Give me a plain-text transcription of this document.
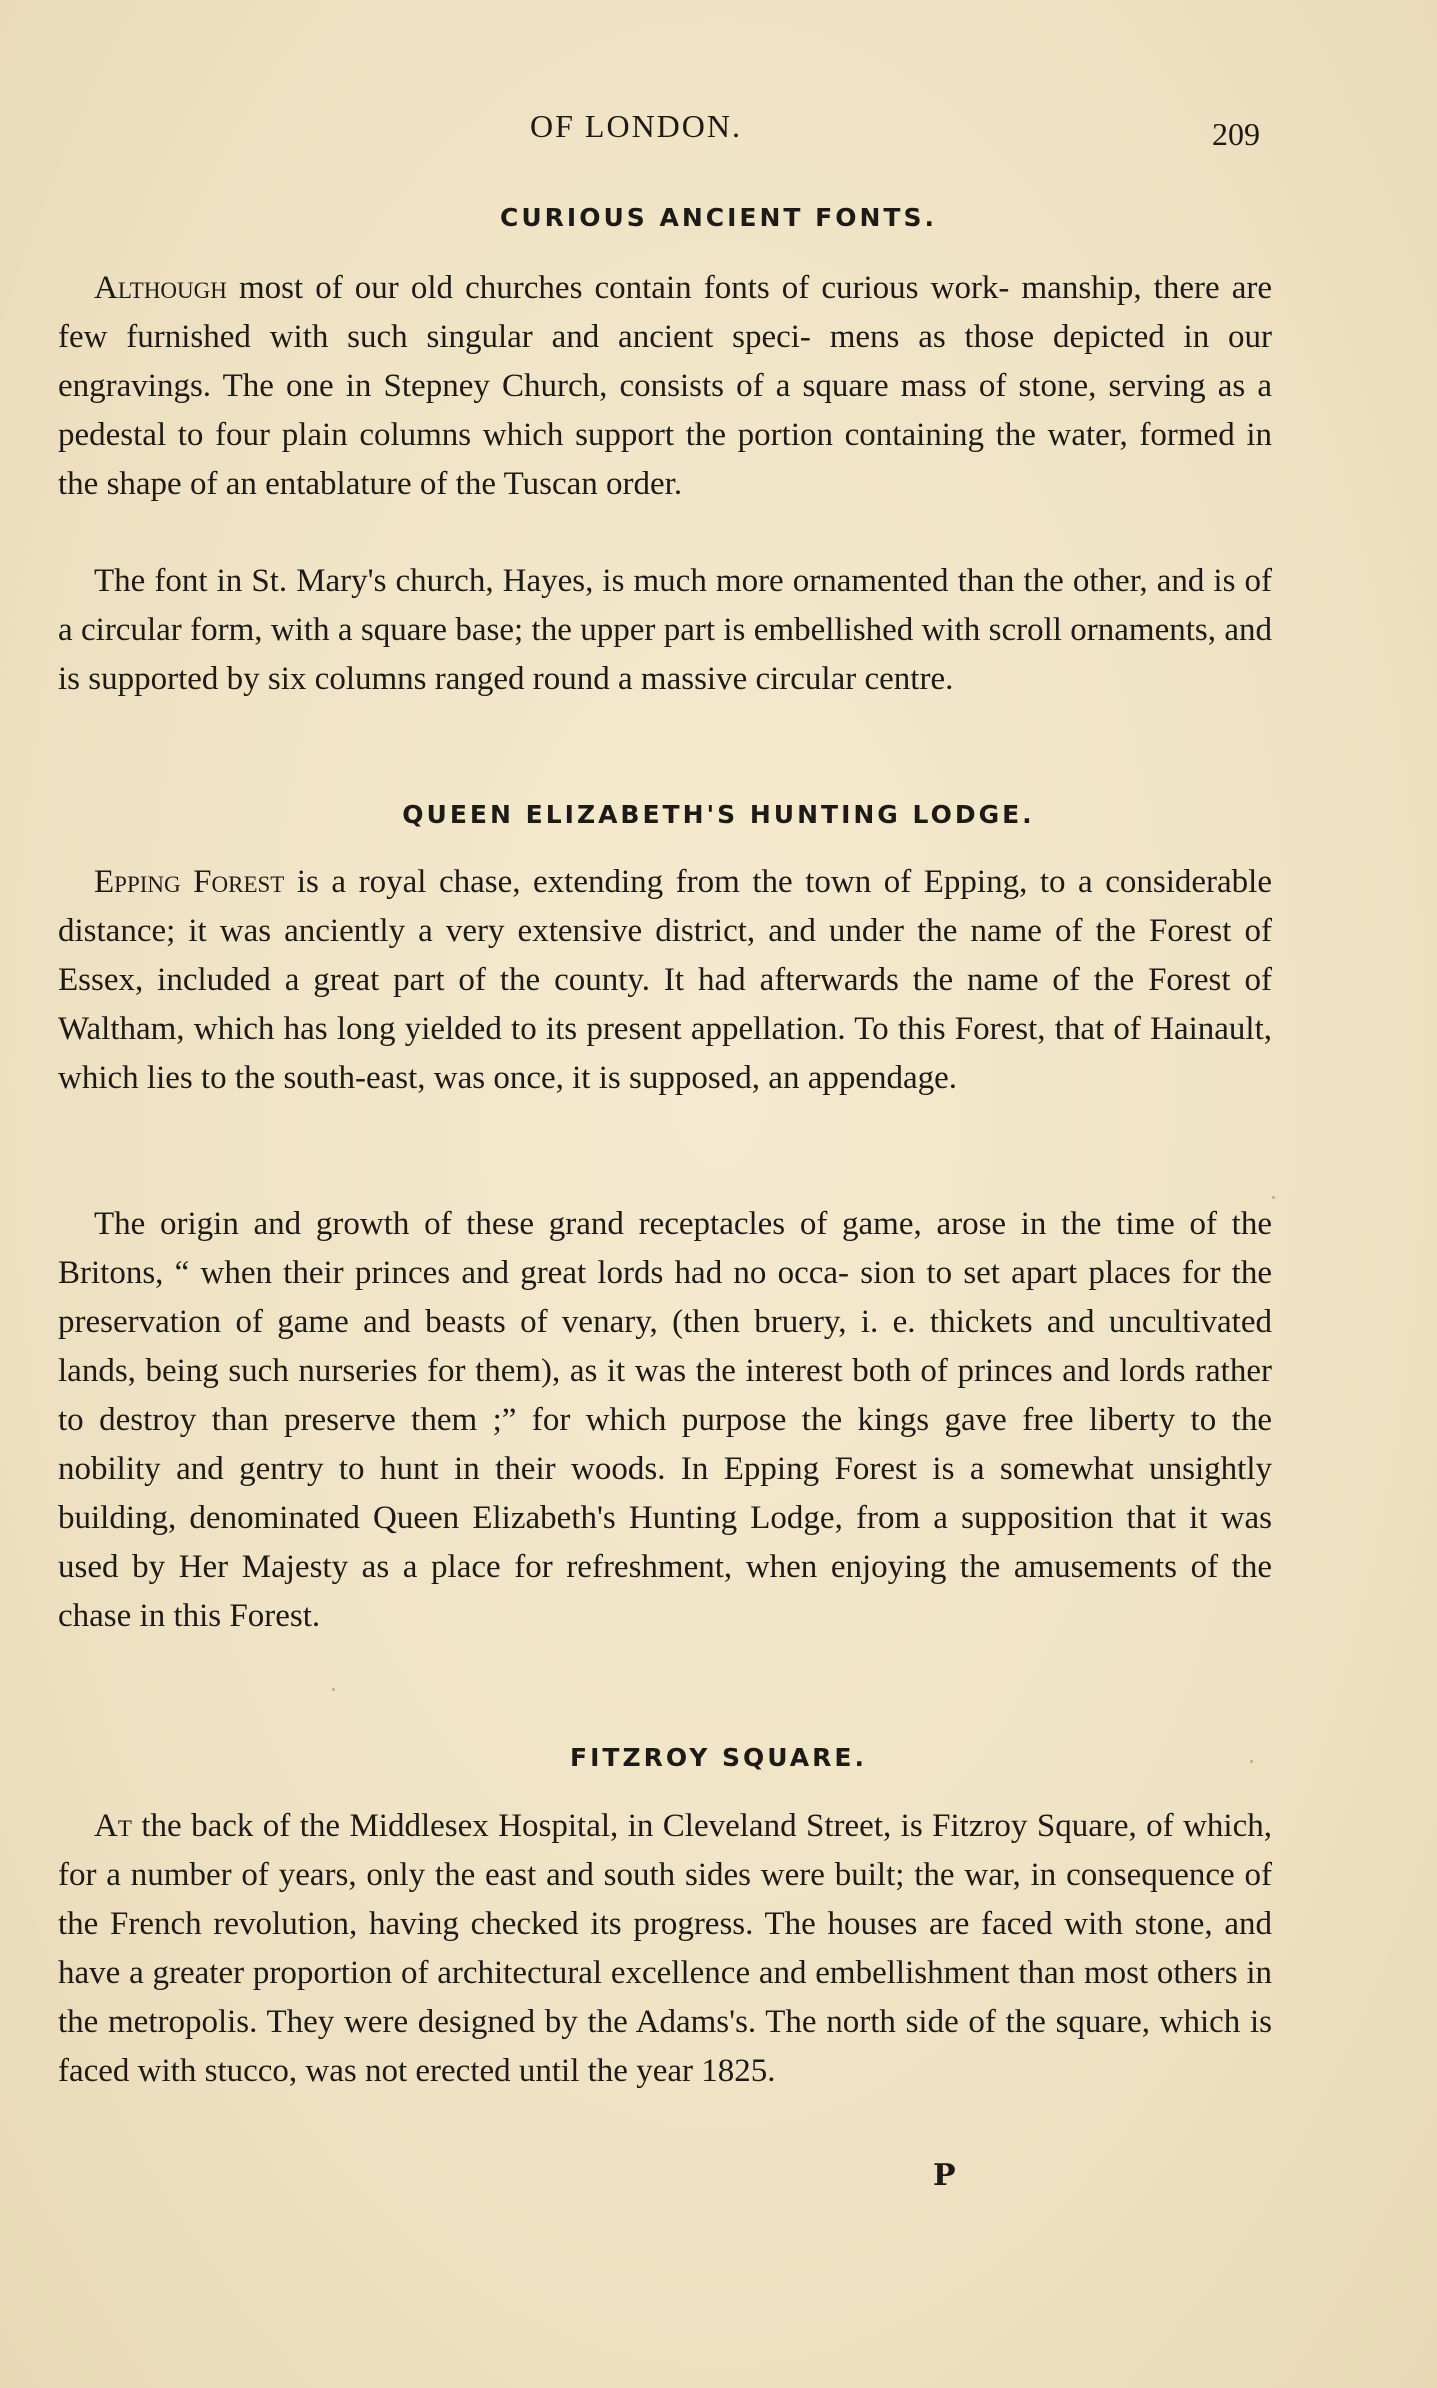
OF LONDON.	209
CURIOUS ANCIENT FONTS.

Although most of our old churches contain fonts of curious work- manship, there are few furnished with such singular and ancient speci- mens as those depicted in our engravings. The one in Stepney Church, consists of a square mass of stone, serving as a pedestal to four plain columns which support the portion containing the water, formed in the shape of an entablature of the Tuscan order.

The font in St. Mary's church, Hayes, is much more ornamented than the other, and is of a circular form, with a square base; the upper part is embellished with scroll ornaments, and is supported by six columns ranged round a massive circular centre.

QUEEN ELIZABETH'S HUNTING LODGE.

Epping Forest is a royal chase, extending from the town of Epping, to a considerable distance; it was anciently a very extensive district, and under the name of the Forest of Essex, included a great part of the county. It had afterwards the name of the Forest of Waltham, which has long yielded to its present appellation. To this Forest, that of Hainault, which lies to the south-east, was once, it is supposed, an appendage.

The origin and growth of these grand receptacles of game, arose in the time of the Britons, “ when their princes and great lords had no occa- sion to set apart places for the preservation of game and beasts of venary, (then bruery, i. e. thickets and uncultivated lands, being such nurseries for them), as it was the interest both of princes and lords rather to destroy than preserve them ;” for which purpose the kings gave free liberty to the nobility and gentry to hunt in their woods. In Epping Forest is a somewhat unsightly building, denominated Queen Elizabeth's Hunting Lodge, from a supposition that it was used by Her Majesty as a place for refreshment, when enjoying the amusements of the chase in this Forest.

FITZROY SQUARE.

At the back of the Middlesex Hospital, in Cleveland Street, is Fitzroy Square, of which, for a number of years, only the east and south sides were built; the war, in consequence of the French revolution, having checked its progress. The houses are faced with stone, and have a greater proportion of architectural excellence and embellishment than most others in the metropolis. They were designed by the Adams's. The north side of the square, which is faced with stucco, was not erected until the year 1825.

P
